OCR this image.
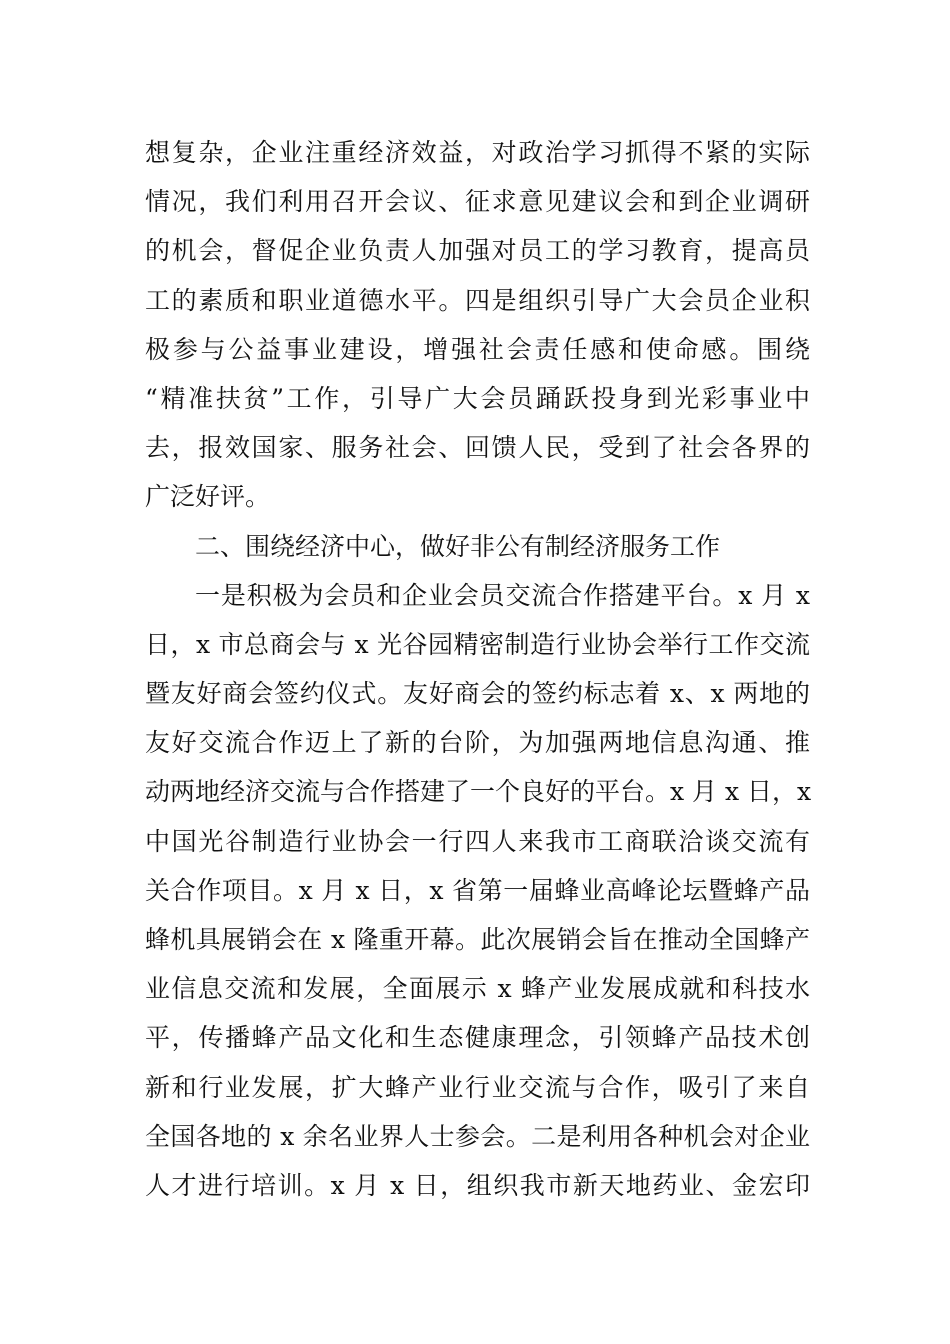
想复杂，企业注重经济效益，对政治学习抓得不紧的实际
情况，我们利用召开会议、征求意见建议会和到企业调研
的机会，督促企业负责人加强对员工的学习教育，提高员
工的素质和职业道德水平。四是组织引导广大会员企业积
极参与公益事业建设，增强社会责任感和使命感。围绕
“精准扶贫”工作，引导广大会员踊跃投身到光彩事业中
去，报效国家、服务社会、回馈人民，受到了社会各界的
广泛好评。
二、围绕经济中心，做好非公有制经济服务工作
一是积极为会员和企业会员交流合作搭建平台。x 月 x
日，x 市总商会与 x 光谷园精密制造行业协会举行工作交流
暨友好商会签约仪式。友好商会的签约标志着 x、x 两地的
友好交流合作迈上了新的台阶，为加强两地信息沟通、推
动两地经济交流与合作搭建了一个良好的平台。x 月 x 日，x
中国光谷制造行业协会一行四人来我市工商联洽谈交流有
关合作项目。x 月 x 日，x 省第一届蜂业高峰论坛暨蜂产品
蜂机具展销会在 x 隆重开幕。此次展销会旨在推动全国蜂产
业信息交流和发展，全面展示 x 蜂产业发展成就和科技水
平，传播蜂产品文化和生态健康理念，引领蜂产品技术创
新和行业发展，扩大蜂产业行业交流与合作，吸引了来自
全国各地的 x 余名业界人士参会。二是利用各种机会对企业
人才进行培训。x 月 x 日，组织我市新天地药业、金宏印
